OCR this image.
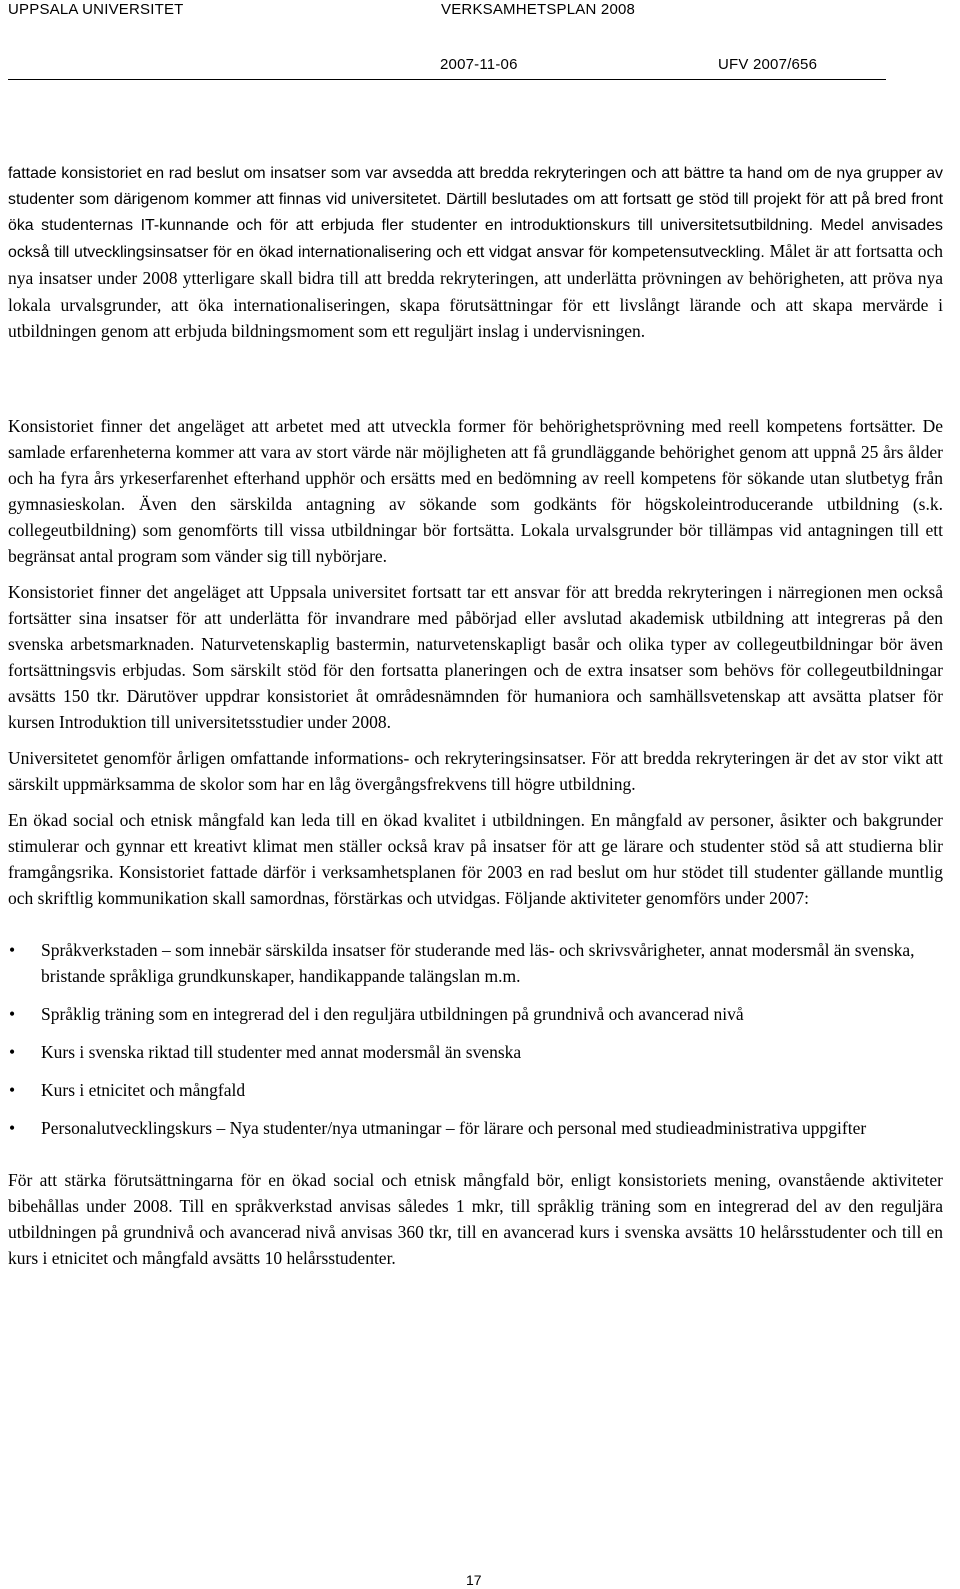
UPPSALA UNIVERSITET	VERKSAMHETSPLAN 2008
2007-11-06	UFV 2007/656
fattade konsistoriet en rad beslut om insatser som var avsedda att bredda rekryteringen och att bättre ta hand om de nya grupper av studenter som därigenom kommer att finnas vid universitetet. Därtill beslutades om att fortsatt ge stöd till projekt för att på bred front öka studenternas IT-kunnande och för att erbjuda fler studenter en introduktionskurs till universitetsutbildning. Medel anvisades också till utvecklingsinsatser för en ökad internationalisering och ett vidgat ansvar för kompetensutveckling. Målet är att fortsatta och nya insatser under 2008 ytterligare skall bidra till att bredda rekryteringen, att underlätta prövningen av behörigheten, att pröva nya lokala urvalsgrunder, att öka internationaliseringen, skapa förutsättningar för ett livslångt lärande och att skapa mervärde i utbildningen genom att erbjuda bildningsmoment som ett reguljärt inslag i undervisningen.

Konsistoriet finner det angeläget att arbetet med att utveckla former för behörighetsprövning med reell kompetens fortsätter. De samlade erfarenheterna kommer att vara av stort värde när möjligheten att få grundläggande behörighet genom att uppnå 25 års ålder och ha fyra års yrkeserfarenhet efterhand upphör och ersätts med en bedömning av reell kompetens för sökande utan slutbetyg från gymnasieskolan. Även den särskilda antagning av sökande som godkänts för högskoleintroducerande utbildning (s.k. collegeutbildning) som genomförts till vissa utbildningar bör fortsätta. Lokala urvalsgrunder bör tillämpas vid antagningen till ett begränsat antal program som vänder sig till nybörjare.

Konsistoriet finner det angeläget att Uppsala universitet fortsatt tar ett ansvar för att bredda rekryteringen i närregionen men också fortsätter sina insatser för att underlätta för invandrare med påbörjad eller avslutad akademisk utbildning att integreras på den svenska arbetsmarknaden. Naturvetenskaplig bastermin, naturvetenskapligt basår och olika typer av collegeutbildningar bör även fortsättningsvis erbjudas. Som särskilt stöd för den fortsatta planeringen och de extra insatser som behövs för collegeutbildningar avsätts 150 tkr. Därutöver uppdrar konsistoriet åt områdesnämnden för humaniora och samhällsvetenskap att avsätta platser för kursen Introduktion till universitetsstudier under 2008.

Universitetet genomför årligen omfattande informations- och rekryteringsinsatser. För att bredda rekryteringen är det av stor vikt att särskilt uppmärksamma de skolor som har en låg övergångsfrekvens till högre utbildning.

En ökad social och etnisk mångfald kan leda till en ökad kvalitet i utbildningen. En mångfald av personer, åsikter och bakgrunder stimulerar och gynnar ett kreativt klimat men ställer också krav på insatser för att ge lärare och studenter stöd så att studierna blir framgångsrika. Konsistoriet fattade därför i verksamhetsplanen för 2003 en rad beslut om hur stödet till studenter gällande muntlig och skriftlig kommunikation skall samordnas, förstärkas och utvidgas. Följande aktiviteter genomförs under 2007:

• Språkverkstaden – som innebär särskilda insatser för studerande med läs- och skrivsvårigheter, annat modersmål än svenska, bristande språkliga grundkunskaper, handikappande talängslan m.m.
• Språklig träning som en integrerad del i den reguljära utbildningen på grundnivå och avancerad nivå
• Kurs i svenska riktad till studenter med annat modersmål än svenska
• Kurs i etnicitet och mångfald
• Personalutvecklingskurs – Nya studenter/nya utmaningar – för lärare och personal med studieadministrativa uppgifter

För att stärka förutsättningarna för en ökad social och etnisk mångfald bör, enligt konsistoriets mening, ovanstående aktiviteter bibehållas under 2008. Till en språkverkstad anvisas således 1 mkr, till språklig träning som en integrerad del av den reguljära utbildningen på grundnivå och avancerad nivå anvisas 360 tkr, till en avancerad kurs i svenska avsätts 10 helårsstudenter och till en kurs i etnicitet och mångfald avsätts 10 helårsstudenter.

17
